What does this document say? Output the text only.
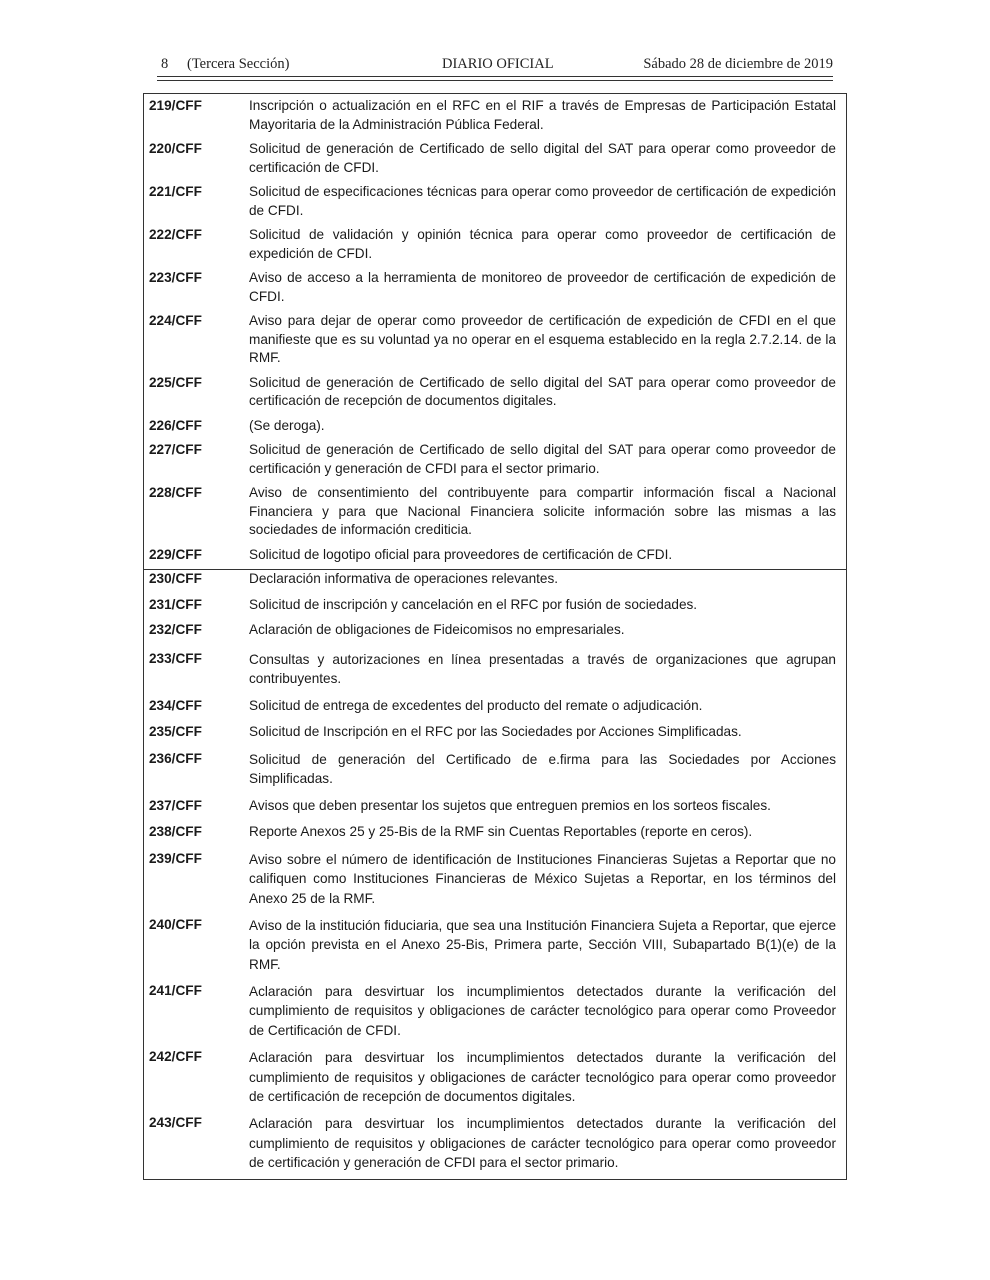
8 (Tercera Sección)	DIARIO OFICIAL	Sábado 28 de diciembre de 2019
219/CFF	Inscripción o actualización en el RFC en el RIF a través de Empresas de Participación Estatal Mayoritaria de la Administración Pública Federal.
220/CFF	Solicitud de generación de Certificado de sello digital del SAT para operar como proveedor de certificación de CFDI.
221/CFF	Solicitud de especificaciones técnicas para operar como proveedor de certificación de expedición de CFDI.
222/CFF	Solicitud de validación y opinión técnica para operar como proveedor de certificación de expedición de CFDI.
223/CFF	Aviso de acceso a la herramienta de monitoreo de proveedor de certificación de expedición de CFDI.
224/CFF	Aviso para dejar de operar como proveedor de certificación de expedición de CFDI en el que manifieste que es su voluntad ya no operar en el esquema establecido en la regla 2.7.2.14. de la RMF.
225/CFF	Solicitud de generación de Certificado de sello digital del SAT para operar como proveedor de certificación de recepción de documentos digitales.
226/CFF	(Se deroga).
227/CFF	Solicitud de generación de Certificado de sello digital del SAT para operar como proveedor de certificación y generación de CFDI para el sector primario.
228/CFF	Aviso de consentimiento del contribuyente para compartir información fiscal a Nacional Financiera y para que Nacional Financiera solicite información sobre las mismas a las sociedades de información crediticia.
229/CFF	Solicitud de logotipo oficial para proveedores de certificación de CFDI.
230/CFF	Declaración informativa de operaciones relevantes.
231/CFF	Solicitud de inscripción y cancelación en el RFC por fusión de sociedades.
232/CFF	Aclaración de obligaciones de Fideicomisos no empresariales.
233/CFF	Consultas y autorizaciones en línea presentadas a través de organizaciones que agrupan contribuyentes.
234/CFF	Solicitud de entrega de excedentes del producto del remate o adjudicación.
235/CFF	Solicitud de Inscripción en el RFC por las Sociedades por Acciones Simplificadas.
236/CFF	Solicitud de generación del Certificado de e.firma para las Sociedades por Acciones Simplificadas.
237/CFF	Avisos que deben presentar los sujetos que entreguen premios en los sorteos fiscales.
238/CFF	Reporte Anexos 25 y 25-Bis de la RMF sin Cuentas Reportables (reporte en ceros).
239/CFF	Aviso sobre el número de identificación de Instituciones Financieras Sujetas a Reportar que no califiquen como Instituciones Financieras de México Sujetas a Reportar, en los términos del Anexo 25 de la RMF.
240/CFF	Aviso de la institución fiduciaria, que sea una Institución Financiera Sujeta a Reportar, que ejerce la opción prevista en el Anexo 25-Bis, Primera parte, Sección VIII, Subapartado B(1)(e) de la RMF.
241/CFF	Aclaración para desvirtuar los incumplimientos detectados durante la verificación del cumplimiento de requisitos y obligaciones de carácter tecnológico para operar como Proveedor de Certificación de CFDI.
242/CFF	Aclaración para desvirtuar los incumplimientos detectados durante la verificación del cumplimiento de requisitos y obligaciones de carácter tecnológico para operar como proveedor de certificación de recepción de documentos digitales.
243/CFF	Aclaración para desvirtuar los incumplimientos detectados durante la verificación del cumplimiento de requisitos y obligaciones de carácter tecnológico para operar como proveedor de certificación y generación de CFDI para el sector primario.
